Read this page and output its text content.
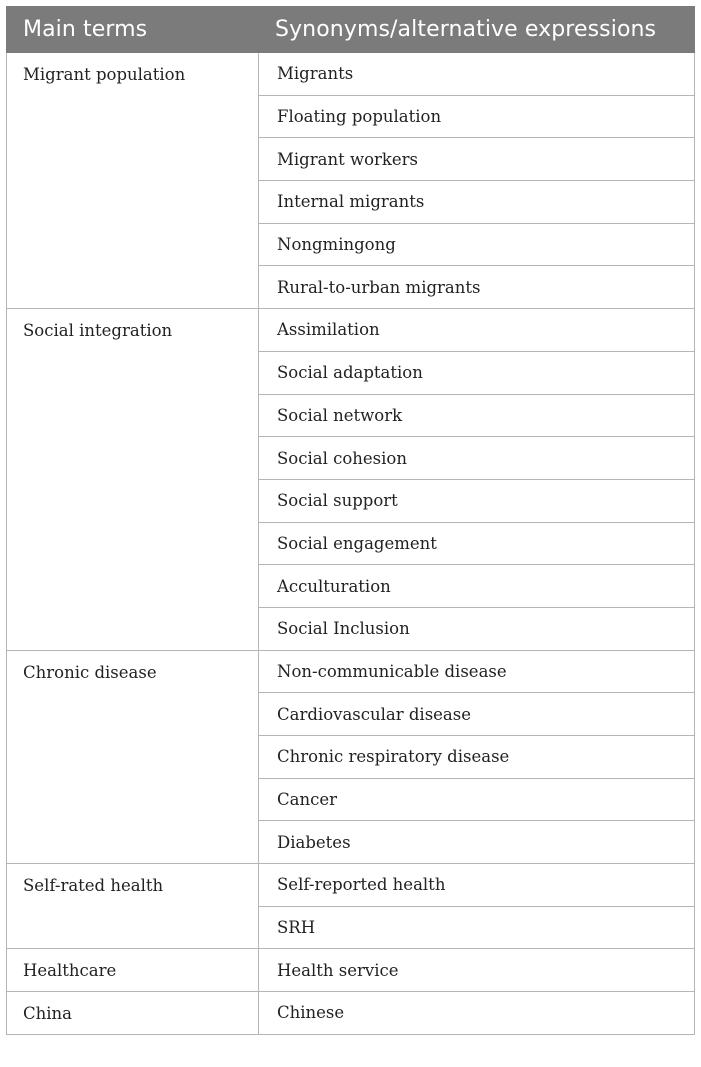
Main terms	Synonyms/alternative expressions
Migrant population	Migrants
	Floating population
	Migrant workers
	Internal migrants
	Nongmingong
	Rural-to-urban migrants
Social integration	Assimilation
	Social adaptation
	Social network
	Social cohesion
	Social support
	Social engagement
	Acculturation
	Social Inclusion
Chronic disease	Non-communicable disease
	Cardiovascular disease
	Chronic respiratory disease
	Cancer
	Diabetes
Self-rated health	Self-reported health
	SRH
Healthcare	Health service
China	Chinese
